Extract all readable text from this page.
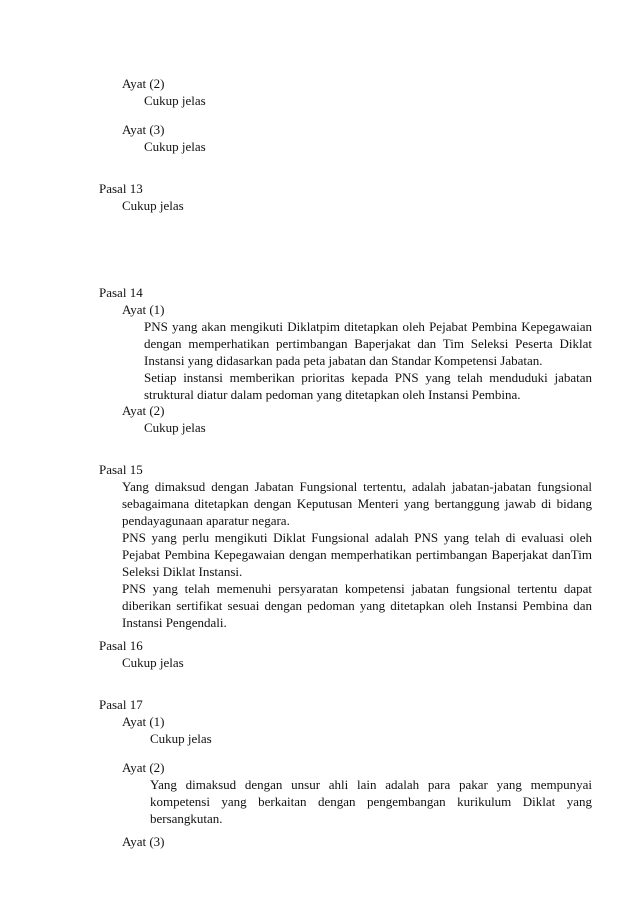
Ayat (2)
Cukup jelas
Ayat (3)
Cukup jelas
Pasal 13
Cukup jelas
Pasal 14
Ayat (1)
PNS yang akan mengikuti Diklatpim ditetapkan oleh Pejabat Pembina Kepegawaian
dengan memperhatikan pertimbangan Baperjakat dan Tim Seleksi Peserta Diklat
Instansi yang didasarkan pada peta jabatan dan Standar Kompetensi Jabatan.
Setiap instansi memberikan prioritas kepada PNS yang telah menduduki jabatan
struktural diatur dalam pedoman yang ditetapkan oleh Instansi Pembina.
Ayat (2)
Cukup jelas
Pasal 15
Yang dimaksud dengan Jabatan Fungsional tertentu, adalah jabatan-jabatan fungsional
sebagaimana ditetapkan dengan Keputusan Menteri yang bertanggung jawab di bidang
pendayagunaan aparatur negara.
PNS yang perlu mengikuti Diklat Fungsional adalah PNS yang telah di evaluasi oleh
Pejabat Pembina Kepegawaian dengan memperhatikan pertimbangan Baperjakat danTim
Seleksi Diklat Instansi.
PNS yang telah memenuhi persyaratan kompetensi jabatan fungsional tertentu dapat
diberikan sertifikat sesuai dengan pedoman yang ditetapkan oleh Instansi Pembina dan
Instansi Pengendali.
Pasal 16
Cukup jelas
Pasal 17
Ayat (1)
Cukup jelas
Ayat (2)
Yang dimaksud dengan unsur ahli lain adalah para pakar yang mempunyai
kompetensi yang berkaitan dengan pengembangan kurikulum Diklat yang
bersangkutan.
Ayat (3)
